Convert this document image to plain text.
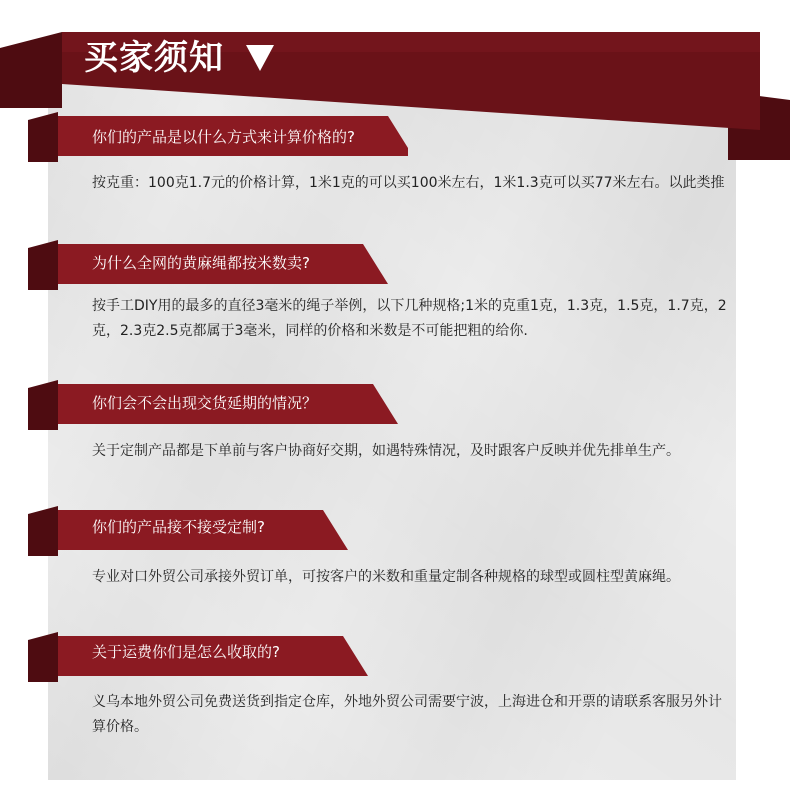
买家须知
你们的产品是以什么方式来计算价格的?
按克重：100克1.7元的价格计算，1米1克的可以买100米左右，1米1.3克可以买77米左右。以此类推
为什么全网的黄麻绳都按米数卖?
按手工DIY用的最多的直径3毫米的绳子举例，以下几种规格;1米的克重1克，1.3克，1.5克，1.7克，2克，2.3克2.5克都属于3毫米，同样的价格和米数是不可能把粗的给你.
你们会不会出现交货延期的情况？
关于定制产品都是下单前与客户协商好交期，如遇特殊情况，及时跟客户反映并优先排单生产。
你们的产品接不接受定制?
专业对口外贸公司承接外贸订单，可按客户的米数和重量定制各种规格的球型或圆柱型黄麻绳。
关于运费你们是怎么收取的?
义乌本地外贸公司免费送货到指定仓库，外地外贸公司需要宁波，上海进仓和开票的请联系客服另外计算价格。
